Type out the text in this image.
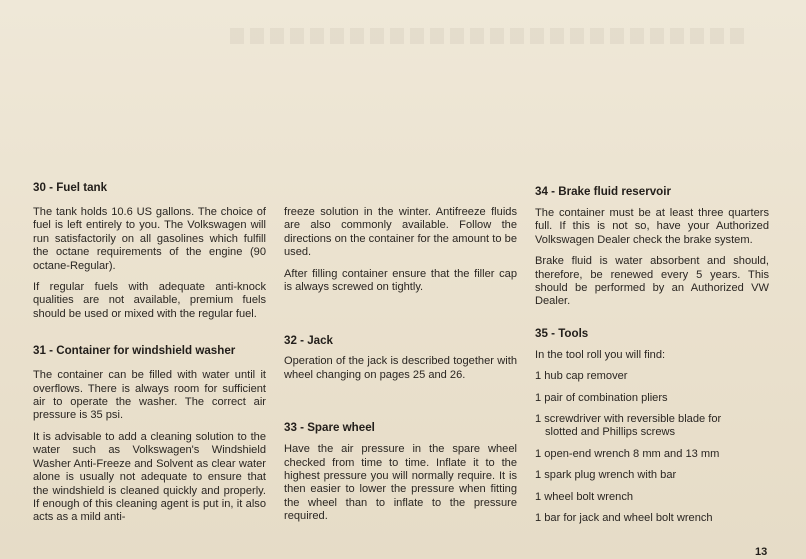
30 - Fuel tank

The tank holds 10.6 US gallons. The choice of fuel is left entirely to you. The Volkswagen will run satisfactorily on all gasolines which fulfill the octane requirements of the engine (90 octane-Regular).

If regular fuels with adequate anti-knock qualities are not available, premium fuels should be used or mixed with the regular fuel.

31 - Container for windshield washer

The container can be filled with water until it overflows. There is always room for sufficient air to operate the washer. The correct air pressure is 35 psi.

It is advisable to add a cleaning solution to the water such as Volkswagen's Windshield Washer Anti-Freeze and Solvent as clear water alone is usually not adequate to ensure that the windshield is cleaned quickly and properly. If enough of this cleaning agent is put in, it also acts as a mild anti-

freeze solution in the winter. Antifreeze fluids are also commonly available. Follow the directions on the container for the amount to be used.

After filling container ensure that the filler cap is always screwed on tightly.

32 - Jack

Operation of the jack is described together with wheel changing on pages 25 and 26.

33 - Spare wheel

Have the air pressure in the spare wheel checked from time to time. Inflate it to the highest pressure you will normally require. It is then easier to lower the pressure when fitting the wheel than to inflate to the pressure required.

34 - Brake fluid reservoir

The container must be at least three quarters full. If this is not so, have your Authorized Volkswagen Dealer check the brake system.

Brake fluid is water absorbent and should, therefore, be renewed every 5 years. This should be performed by an Authorized VW Dealer.

35 - Tools

In the tool roll you will find:

1 hub cap remover

1 pair of combination pliers

1 screwdriver with reversible blade for

slotted and Phillips screws

1 open-end wrench 8 mm and 13 mm

1 spark plug wrench with bar

1 wheel bolt wrench

1 bar for jack and wheel bolt wrench

13
